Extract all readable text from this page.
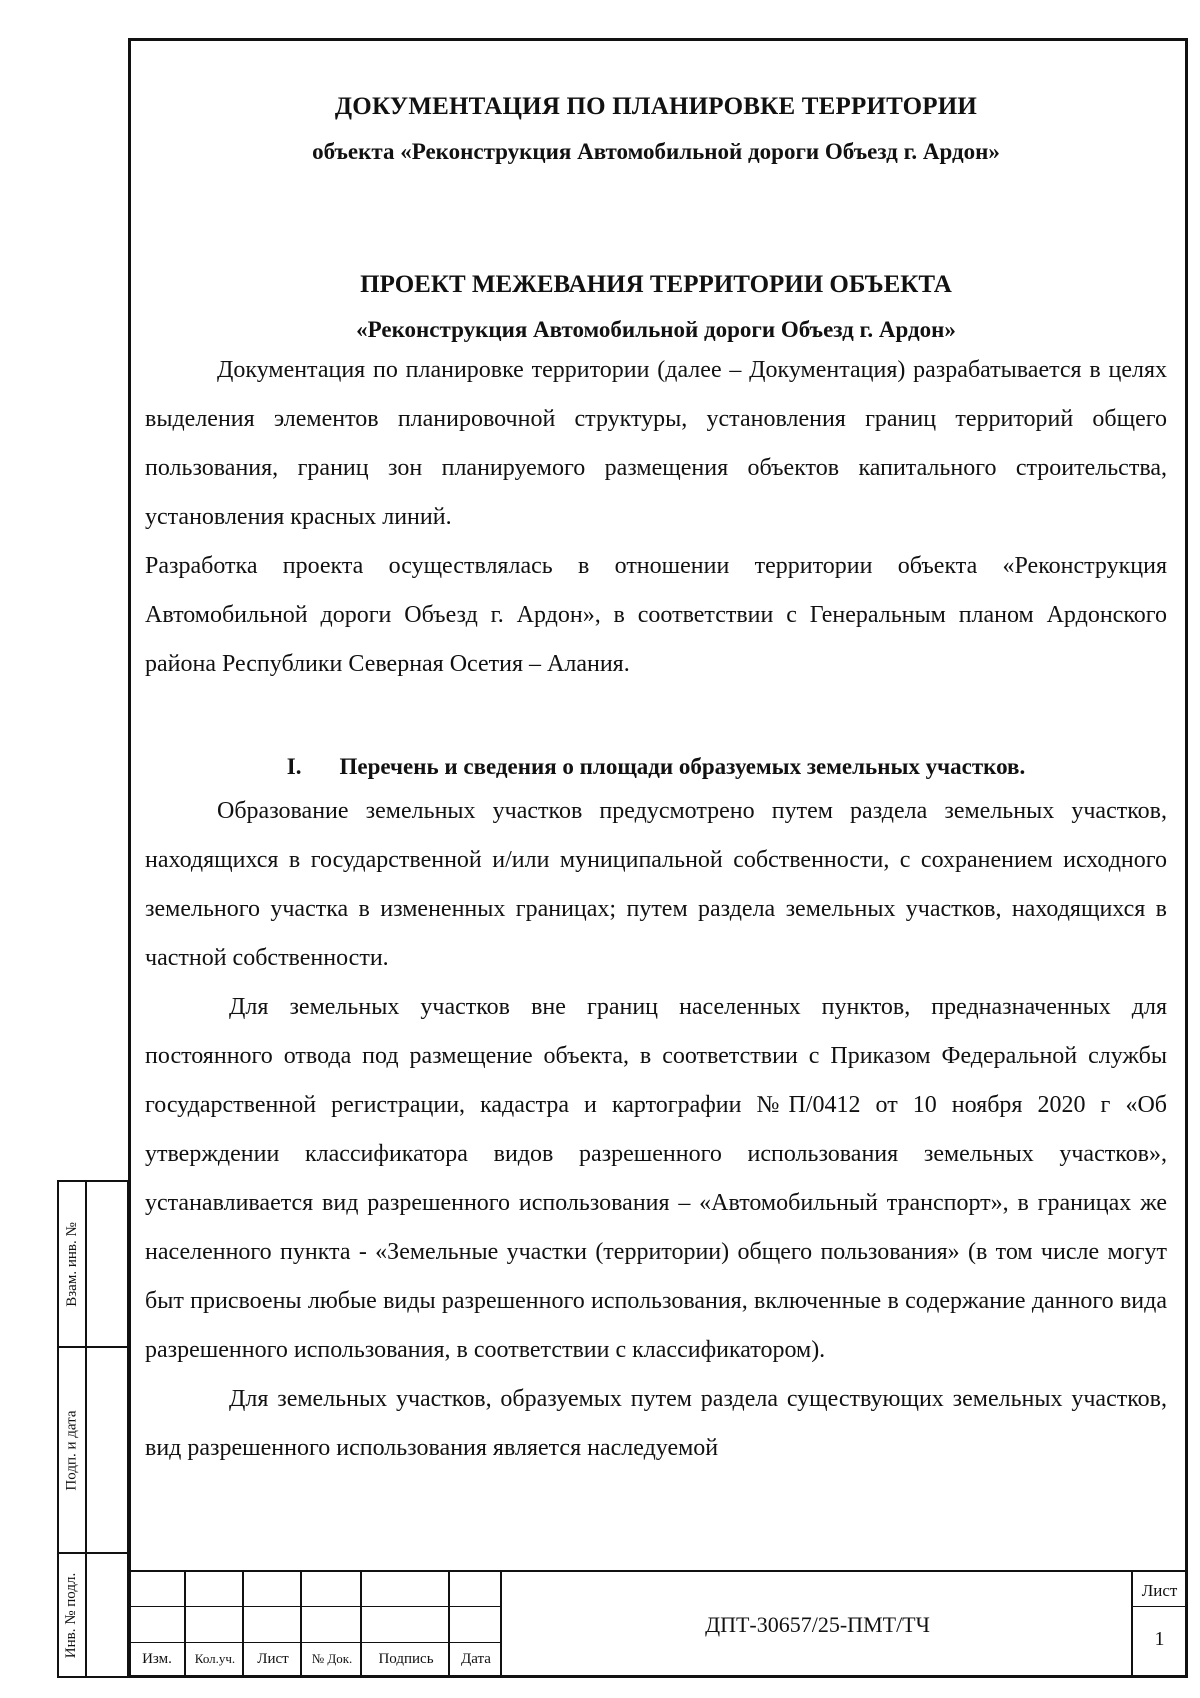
ДОКУМЕНТАЦИЯ ПО ПЛАНИРОВКЕ ТЕРРИТОРИИ
объекта «Реконструкция Автомобильной дороги Объезд г. Ардон»
ПРОЕКТ МЕЖЕВАНИЯ ТЕРРИТОРИИ ОБЪЕКТА
«Реконструкция Автомобильной дороги Объезд г. Ардон»

Документация по планировке территории (далее – Документация) разрабатывается в целях выделения элементов планировочной структуры, установления границ территорий общего пользования, границ зон планируемого размещения объектов капитального строительства, установления красных линий.

Разработка проекта осуществлялась в отношении территории объекта «Реконструкция Автомобильной дороги Объезд г. Ардон», в соответствии с Генеральным планом Ардонского района Республики Северная Осетия – Алания.

I. Перечень и сведения о площади образуемых земельных участков.

Образование земельных участков предусмотрено путем раздела земельных участков, находящихся в государственной и/или муниципальной собственности, с сохранением исходного земельного участка в измененных границах; путем раздела земельных участков, находящихся в частной собственности.

Для земельных участков вне границ населенных пунктов, предназначенных для постоянного отвода под размещение объекта, в соответствии с Приказом Федеральной службы государственной регистрации, кадастра и картографии №П/0412 от 10 ноября 2020 г «Об утверждении классификатора видов разрешенного использования земельных участков», устанавливается вид разрешенного использования – «Автомобильный транспорт», в границах же населенного пункта - «Земельные участки (территории) общего пользования» (в том числе могут быт присвоены любые виды разрешенного использования, включенные в содержание данного вида разрешенного использования, в соответствии с классификатором).

Для земельных участков, образуемых путем раздела существующих земельных участков, вид разрешенного использования является наследуемой

Взам. инв. №
Подп. и дата
Инв. № подл.
Изм.	Кол.уч.	Лист	№ Док.	Подпись	Дата
ДПТ-30657/25-ПМТ/ТЧ
Лист
1
